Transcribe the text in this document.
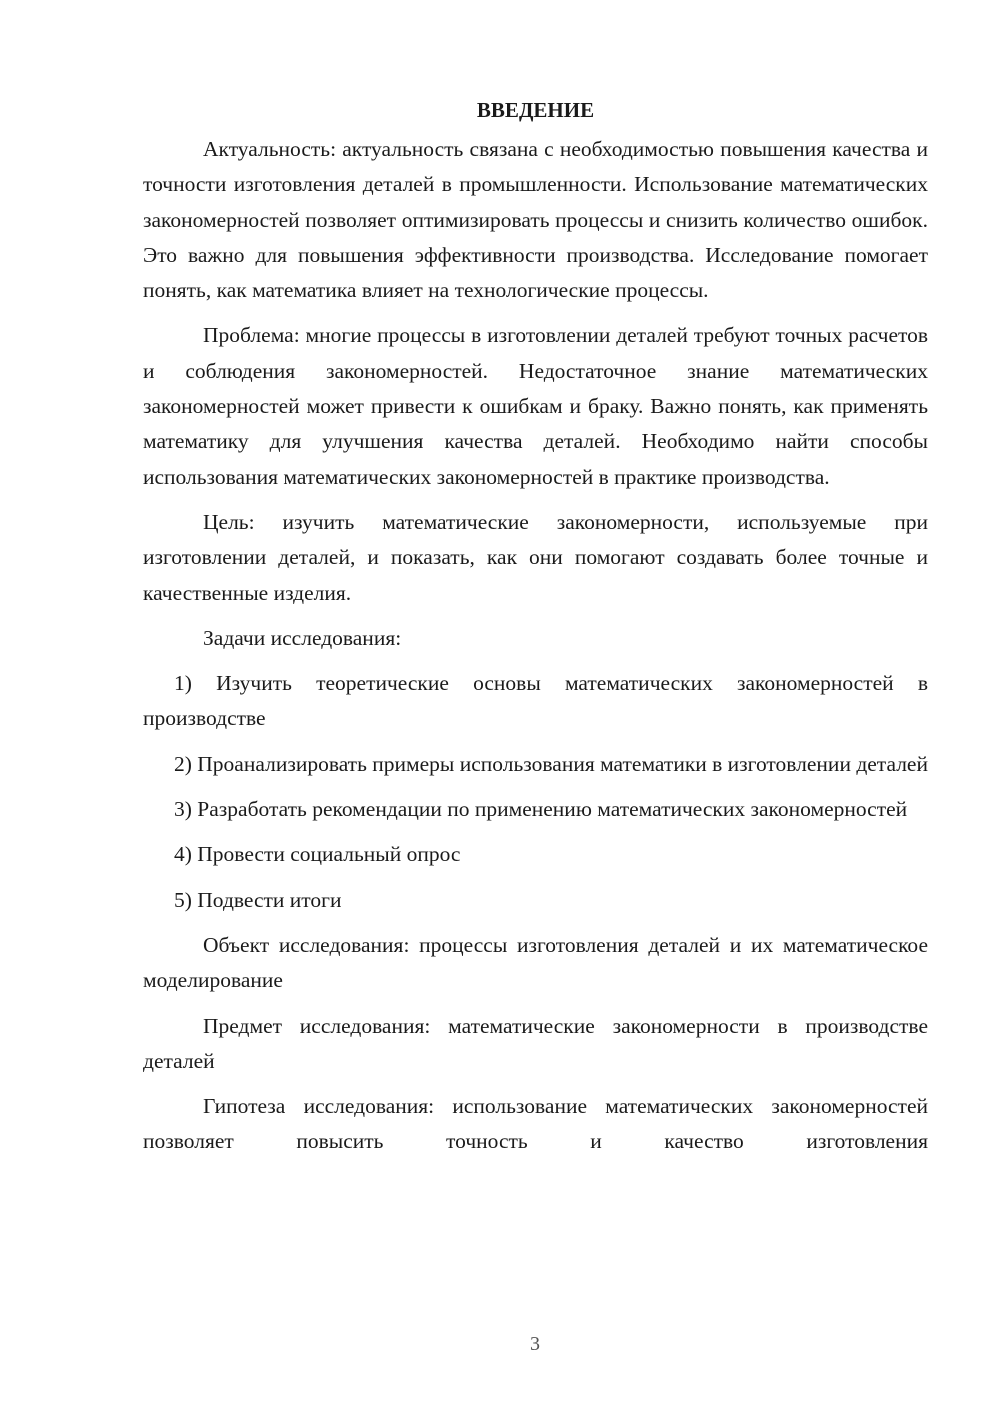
ВВЕДЕНИЕ

Актуальность: актуальность связана с необходимостью повышения качества и точности изготовления деталей в промышленности. Использование математических закономерностей позволяет оптимизировать процессы и снизить количество ошибок. Это важно для повышения эффективности производства. Исследование помогает понять, как математика влияет на технологические процессы.

Проблема: многие процессы в изготовлении деталей требуют точных расчетов и соблюдения закономерностей. Недостаточное знание математических закономерностей может привести к ошибкам и браку. Важно понять, как применять математику для улучшения качества деталей. Необходимо найти способы использования математических закономерностей в практике производства.

Цель: изучить математические закономерности, используемые при изготовлении деталей, и показать, как они помогают создавать более точные и качественные изделия.

Задачи исследования:

1) Изучить теоретические основы математических закономерностей в производстве

2) Проанализировать примеры использования математики в изготовлении деталей

3) Разработать рекомендации по применению математических закономерностей

4) Провести социальный опрос

5) Подвести итоги

Объект исследования: процессы изготовления деталей и их математическое моделирование

Предмет исследования: математические закономерности в производстве деталей

Гипотеза исследования: использование математических закономерностей позволяет повысить точность и качество изготовления

3
